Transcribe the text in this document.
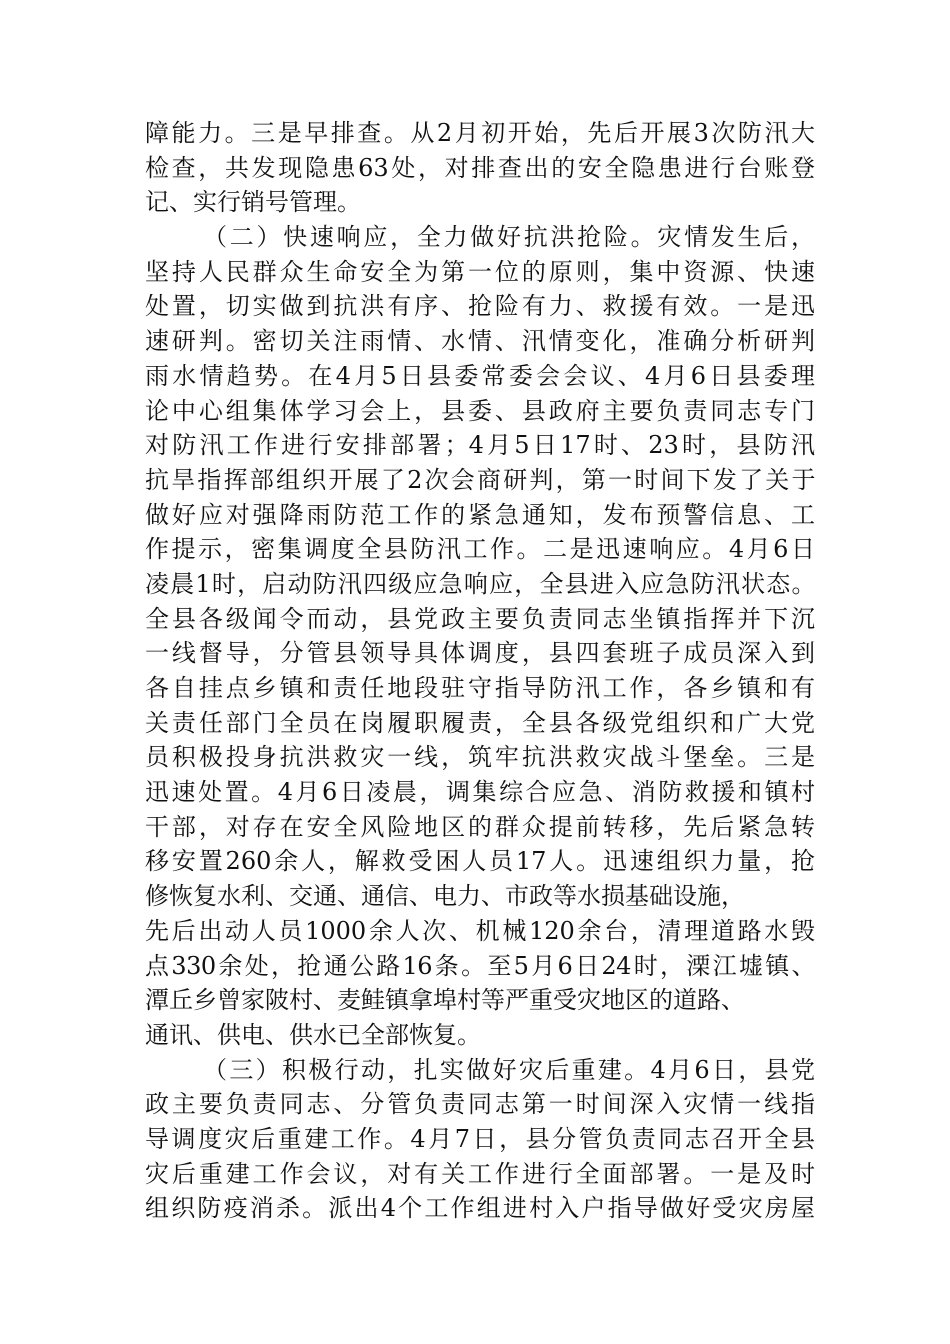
障能力。三是早排查。从2月初开始，先后开展3次防汛大
检查，共发现隐患63处，对排查出的安全隐患进行台账登
记、实行销号管理。
（二）快速响应，全力做好抗洪抢险。灾情发生后，
坚持人民群众生命安全为第一位的原则，集中资源、快速
处置，切实做到抗洪有序、抢险有力、救援有效。一是迅
速研判。密切关注雨情、水情、汛情变化，准确分析研判
雨水情趋势。在4月5日县委常委会会议、4月6日县委理
论中心组集体学习会上，县委、县政府主要负责同志专门
对防汛工作进行安排部署；4月5日17时、23时，县防汛
抗旱指挥部组织开展了2次会商研判，第一时间下发了关于
做好应对强降雨防范工作的紧急通知，发布预警信息、工
作提示，密集调度全县防汛工作。二是迅速响应。4月6日
凌晨1时，启动防汛四级应急响应，全县进入应急防汛状态。
全县各级闻令而动，县党政主要负责同志坐镇指挥并下沉
一线督导，分管县领导具体调度，县四套班子成员深入到
各自挂点乡镇和责任地段驻守指导防汛工作，各乡镇和有
关责任部门全员在岗履职履责，全县各级党组织和广大党
员积极投身抗洪救灾一线，筑牢抗洪救灾战斗堡垒。三是
迅速处置。4月6日凌晨，调集综合应急、消防救援和镇村
干部，对存在安全风险地区的群众提前转移，先后紧急转
移安置260余人，解救受困人员17人。迅速组织力量，抢
修恢复水利、交通、通信、电力、市政等水损基础设施，
先后出动人员1000余人次、机械120余台，清理道路水毁
点330余处，抢通公路16条。至5月6日24时，溧江墟镇、
潭丘乡曾家陂村、麦鲑镇拿埠村等严重受灾地区的道路、
通讯、供电、供水已全部恢复。
（三）积极行动，扎实做好灾后重建。4月6日，县党
政主要负责同志、分管负责同志第一时间深入灾情一线指
导调度灾后重建工作。4月7日，县分管负责同志召开全县
灾后重建工作会议，对有关工作进行全面部署。一是及时
组织防疫消杀。派出4个工作组进村入户指导做好受灾房屋
